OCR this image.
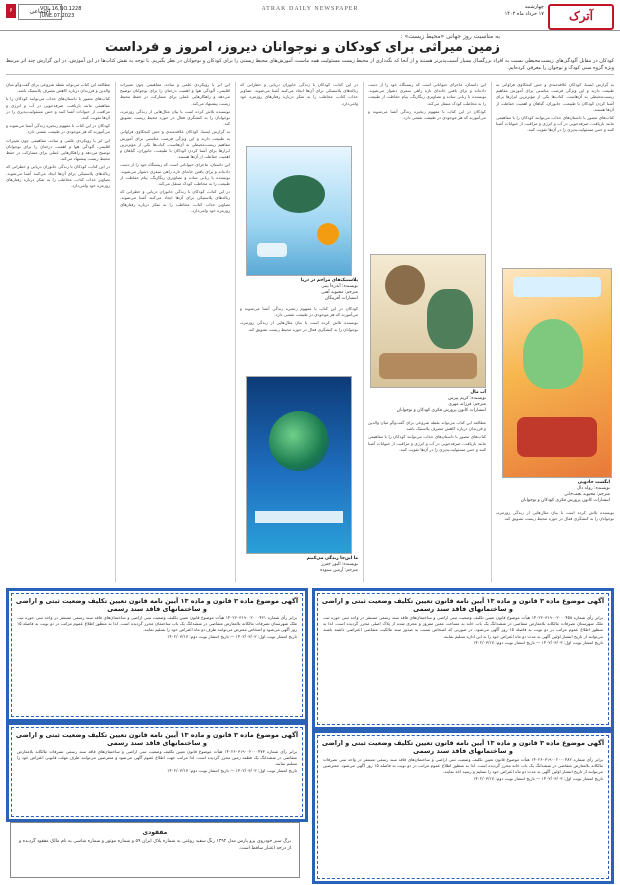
آترک
چهارشنبه
۱۷ خرداد ماه ۱۴۰۲
ATRAK DAILY NEWSPAPER
VOL.16,NO.1228
JUNE.07.2023
اجتماعی
۶
به مناسبت روز جهانی «محیط زیست» :
زمین میراثی برای کودکان و نوجوانان دیروز، امروز و فرداست
کودکان در مقابل آلودگی‌های زیست‌محیطی نسبت به افراد بزرگسال بسیار آسیب‌پذیرتر هستند و از آنجا که نگه‌داری از محیط زیست مسئولیت همه ماست، آموزش‌های محیط زیستی را برای کودکان و نوجوانان در نظر بگیریم. با توجه به نقش کتاب‌ها در این آموزش، در این گزارش چند اثر مرتبط ویژه گروه سنی کودک و نوجوان را معرفی کرده‌ایم.

به گزارش ایسنا، کودکان علاقه‌مندی و حس کنجکاوی فراوانی به طبیعت دارند و این ویژگی فرصت مناسبی برای آموزش مفاهیم زیست‌محیطی به آن‌هاست. کتاب‌ها یکی از مؤثرترین ابزارها برای آشنا کردن کودکان با طبیعت، جانوران، گیاهان و اهمیت حفاظت از آن‌ها هستند.

کتاب‌های مصور با داستان‌های جذاب می‌توانند کودکان را با مفاهیمی مانند بازیافت، صرفه‌جویی در آب و انرژی و مراقبت از حیوانات آشنا کنند و حس مسئولیت‌پذیری را در آن‌ها تقویت کنند.

انگشت جادویی
نویسنده: رولد دال
مترجم: محبوبه نجف‌خانی
انتشارات کانون پرورش فکری کودکان و نوجوانان

نویسنده تلاش کرده است با بیان مثال‌هایی از زندگی روزمره، نوجوانان را به کنشگری فعال در حوزه محیط زیست تشویق کند.

این داستان، ماجرای حیواناتی است که زیستگاه خود را از دست داده‌اند و برای یافتن خانه‌ای تازه راهی سفری دشوار می‌شوند. نویسنده با زبانی ساده و تصاویری رنگارنگ، پیام حفاظت از طبیعت را به مخاطب کودک منتقل می‌کند.

کودکان در این کتاب با مفهوم زنجیره زندگی آشنا می‌شوند و می‌آموزند که هر موجودی در طبیعت نقشی دارد.

آب مال
نویسنده: کریم پیرس
مترجم: فرزانه مهری
انتشارات کانون پرورش فکری کودکان و نوجوانان

مطالعه این کتاب می‌تواند نقطه شروعی برای گفت‌وگو میان والدین و فرزندان درباره کاهش مصرف پلاستیک باشد.

کتاب‌های مصور با داستان‌های جذاب می‌توانند کودکان را با مفاهیمی مانند بازیافت، صرفه‌جویی در آب و انرژی و مراقبت از حیوانات آشنا کنند و حس مسئولیت‌پذیری را در آن‌ها تقویت کنند.

در این کتاب، کودکان با زندگی جانوران دریایی و خطراتی که زباله‌های پلاستیکی برای آن‌ها ایجاد می‌کنند آشنا می‌شوند. تصاویر جذاب کتاب، مخاطب را به تفکر درباره رفتارهای روزمره خود وامی‌دارد.

پلاستیک‌های مزاحم در دریا
نویسنده: آندره‌آ بیتی
مترجم: محبوبه آهنی
انتشارات آفرینگان

کودکان در این کتاب با مفهوم زنجیره زندگی آشنا می‌شوند و می‌آموزند که هر موجودی در طبیعت نقشی دارد.

نویسنده تلاش کرده است با بیان مثال‌هایی از زندگی روزمره، نوجوانان را به کنشگری فعال در حوزه محیط زیست تشویق کند.

ما این‌جا زندگی می‌کنیم
نویسنده: الیور جفرز
مترجم: آرمین ستوده

این اثر با رویکردی علمی و ساده، مفاهیمی چون تغییرات اقلیمی، آلودگی هوا و اهمیت درختان را برای نوجوانان توضیح می‌دهد و راهکارهایی عملی برای مشارکت در حفظ محیط زیست پیشنهاد می‌کند.

نویسنده تلاش کرده است با بیان مثال‌هایی از زندگی روزمره، نوجوانان را به کنشگری فعال در حوزه محیط زیست تشویق کند.

به گزارش ایسنا، کودکان علاقه‌مندی و حس کنجکاوی فراوانی به طبیعت دارند و این ویژگی فرصت مناسبی برای آموزش مفاهیم زیست‌محیطی به آن‌هاست. کتاب‌ها یکی از مؤثرترین ابزارها برای آشنا کردن کودکان با طبیعت، جانوران، گیاهان و اهمیت حفاظت از آن‌ها هستند.

این داستان، ماجرای حیواناتی است که زیستگاه خود را از دست داده‌اند و برای یافتن خانه‌ای تازه راهی سفری دشوار می‌شوند. نویسنده با زبانی ساده و تصاویری رنگارنگ، پیام حفاظت از طبیعت را به مخاطب کودک منتقل می‌کند.

در این کتاب، کودکان با زندگی جانوران دریایی و خطراتی که زباله‌های پلاستیکی برای آن‌ها ایجاد می‌کنند آشنا می‌شوند. تصاویر جذاب کتاب، مخاطب را به تفکر درباره رفتارهای روزمره خود وامی‌دارد.

مطالعه این کتاب می‌تواند نقطه شروعی برای گفت‌وگو میان والدین و فرزندان درباره کاهش مصرف پلاستیک باشد.

کتاب‌های مصور با داستان‌های جذاب می‌توانند کودکان را با مفاهیمی مانند بازیافت، صرفه‌جویی در آب و انرژی و مراقبت از حیوانات آشنا کنند و حس مسئولیت‌پذیری را در آن‌ها تقویت کنند.

کودکان در این کتاب با مفهوم زنجیره زندگی آشنا می‌شوند و می‌آموزند که هر موجودی در طبیعت نقشی دارد.

این اثر با رویکردی علمی و ساده، مفاهیمی چون تغییرات اقلیمی، آلودگی هوا و اهمیت درختان را برای نوجوانان توضیح می‌دهد و راهکارهایی عملی برای مشارکت در حفظ محیط زیست پیشنهاد می‌کند.

در این کتاب، کودکان با زندگی جانوران دریایی و خطراتی که زباله‌های پلاستیکی برای آن‌ها ایجاد می‌کنند آشنا می‌شوند. تصاویر جذاب کتاب، مخاطب را به تفکر درباره رفتارهای روزمره خود وامی‌دارد.

آگهی موضوع ماده ۳ قانون و ماده ۱۳ آیین نامه قانون تعیین تکلیف وضعیت ثبتی و اراضی و ساختمانهای فاقد سند رسمی
برابر رأی شماره ۱۴۰۲۶۰۳۱۹۰۰۲۰۰۰۴۵۸ هیأت موضوع قانون تعیین تکلیف وضعیت ثبتی اراضی و ساختمان‌های فاقد سند رسمی مستقر در واحد ثبتی حوزه ثبت ملک شهرستان تصرفات مالکانه بلامعارض متقاضی در ششدانگ یک باب خانه به مساحت معین مفروز و مجزی شده از پلاک اصلی محرز گردیده است. لذا به منظور اطلاع عموم مراتب در دو نوبت به فاصله ۱۵ روز آگهی می‌شود. در صورتی که اشخاص نسبت به صدور سند مالکیت متقاضی اعتراضی داشته باشند می‌توانند از تاریخ انتشار اولین آگهی به مدت دو ماه اعتراض خود را به این اداره تسلیم نمایند.
تاریخ انتشار نوبت اول: ۱۴۰۲/۰۳/۰۳ — تاریخ انتشار نوبت دوم: ۱۴۰۲/۰۳/۱۷
آگهی موضوع ماده ۳ قانون و ماده ۱۳ آیین نامه قانون تعیین تکلیف وضعیت ثبتی و اراضی و ساختمانهای فاقد سند رسمی
برابر رأی شماره ۱۴۰۲۶۰۳۱۹۰۰۲۰۰۰۴۶۱ هیأت موضوع قانون تعیین تکلیف وضعیت ثبتی اراضی و ساختمان‌های فاقد سند رسمی مستقر در واحد ثبتی حوزه ثبت ملک شهرستان تصرفات مالکانه بلامعارض متقاضی در ششدانگ یک باب ساختمان محرز گردیده است. لذا به منظور اطلاع عموم مراتب در دو نوبت به فاصله ۱۵ روز آگهی می‌شود و اشخاص معترض می‌توانند ظرف دو ماه اعتراض خود را تسلیم نمایند.
تاریخ انتشار نوبت اول: ۱۴۰۲/۰۳/۰۳ — تاریخ انتشار نوبت دوم: ۱۴۰۲/۰۳/۱۷
آگهی موضوع ماده ۳ قانون و ماده ۱۳ آیین نامه قانون تعیین تکلیف وضعیت ثبتی و اراضی و ساختمانهای فاقد سند رسمی
برابر رأی شماره ۱۴۰۲۶۰۳۱۹۰۰۲۰۰۰۴۷۳ هیأت موضوع قانون تعیین تکلیف وضعیت ثبتی اراضی و ساختمان‌های فاقد سند رسمی تصرفات مالکانه بلامعارض متقاضی در ششدانگ یک قطعه زمین محرز گردیده است. لذا مراتب جهت اطلاع عموم آگهی می‌شود و معترضین می‌توانند ظرف مهلت قانونی اعتراض خود را تسلیم نمایند.
تاریخ انتشار نوبت اول: ۱۴۰۲/۰۳/۰۳ — تاریخ انتشار نوبت دوم: ۱۴۰۲/۰۳/۱۷
آگهی موضوع ماده ۳ قانون و ماده ۱۳ آیین نامه قانون تعیین تکلیف وضعیت ثبتی و اراضی و ساختمانهای فاقد سند رسمی
برابر رأی شماره ۱۴۰۲۶۰۳۱۹۰۰۲۰۰۰۴۸۲ هیأت موضوع قانون تعیین تکلیف وضعیت ثبتی اراضی و ساختمان‌های فاقد سند رسمی مستقر در واحد ثبتی تصرفات مالکانه بلامعارض متقاضی در ششدانگ یک باب خانه محرز گردیده است. لذا به منظور اطلاع عموم مراتب در دو نوبت به فاصله ۱۵ روز آگهی می‌شود. معترضین می‌توانند از تاریخ انتشار اولین آگهی به مدت دو ماه اعتراض خود را تسلیم و رسید اخذ نمایند.
تاریخ انتشار نوبت اول: ۱۴۰۲/۰۳/۰۳ — تاریخ انتشار نوبت دوم: ۱۴۰۲/۰۳/۱۷
مفقودی
برگ سبز خودروی پژو پارس مدل ۱۳۹۲ رنگ سفید روغنی به شماره پلاک ایران ۵۹ و شماره موتور و شماره شاسی به نام مالک مفقود گردیده و از درجه اعتبار ساقط است.
